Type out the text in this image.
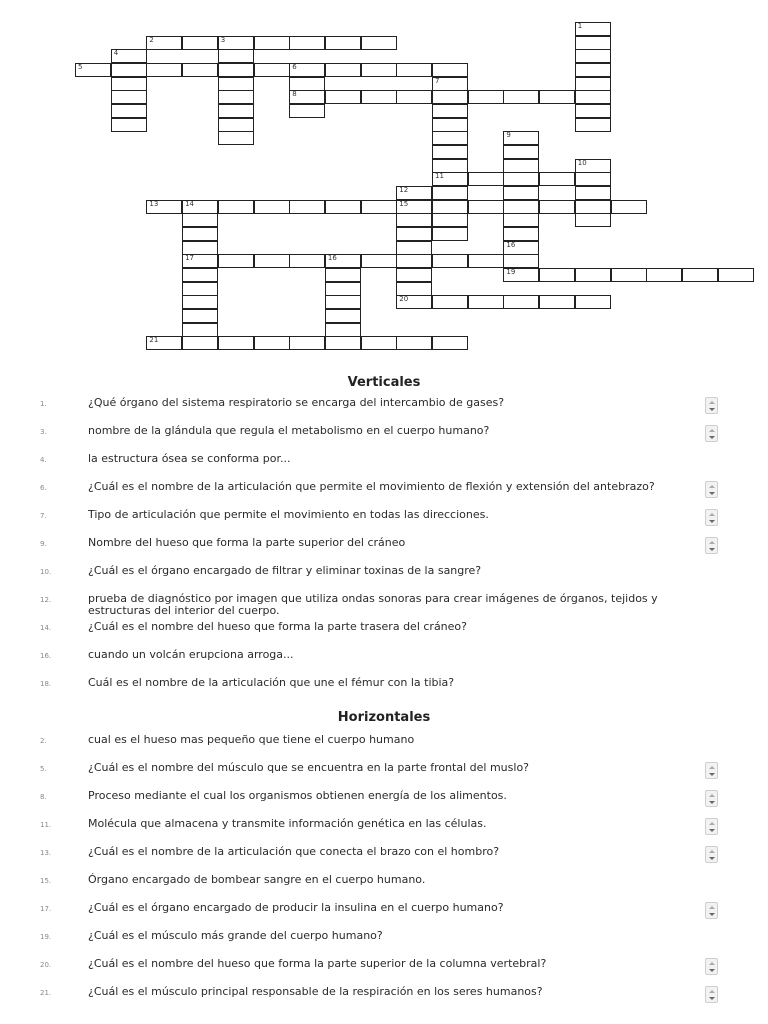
1
2	3
4
5	6
8
7
11
9
10
12
15
20
13	14
17
16
19
16
21
Verticales
1.	¿Qué órgano del sistema respiratorio se encarga del intercambio de gases?
3.	nombre de la glándula que regula el metabolismo en el cuerpo humano?
4.	la estructura ósea se conforma por...
6.	¿Cuál es el nombre de la articulación que permite el movimiento de flexión y extensión del antebrazo?
7.	Tipo de articulación que permite el movimiento en todas las direcciones.
9.	Nombre del hueso que forma la parte superior del cráneo
10.	¿Cuál es el órgano encargado de filtrar y eliminar toxinas de la sangre?
12.	prueba de diagnóstico por imagen que utiliza ondas sonoras para crear imágenes de órganos, tejidos y estructuras del interior del cuerpo.
14.	¿Cuál es el nombre del hueso que forma la parte trasera del cráneo?
16.	cuando un volcán erupciona arroga...
18.	Cuál es el nombre de la articulación que une el fémur con la tibia?
Horizontales
2.	cual es el hueso mas pequeño que tiene el cuerpo humano
5.	¿Cuál es el nombre del músculo que se encuentra en la parte frontal del muslo?
8.	Proceso mediante el cual los organismos obtienen energía de los alimentos.
11.	Molécula que almacena y transmite información genética en las células.
13.	¿Cuál es el nombre de la articulación que conecta el brazo con el hombro?
15.	Órgano encargado de bombear sangre en el cuerpo humano.
17.	¿Cuál es el órgano encargado de producir la insulina en el cuerpo humano?
19.	¿Cuál es el músculo más grande del cuerpo humano?
20.	¿Cuál es el nombre del hueso que forma la parte superior de la columna vertebral?
21.	¿Cuál es el músculo principal responsable de la respiración en los seres humanos?
